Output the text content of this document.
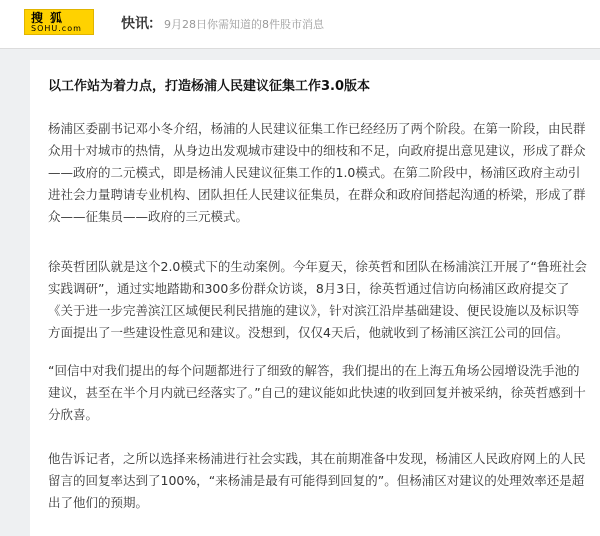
搜狐
SOHU.com	快讯 ： 9月28日你需知道的8件股市消息
以工作站为着力点，打造杨浦人民建议征集工作3.0版本

杨浦区委副书记邓小冬介绍，杨浦的人民建议征集工作已经经历了两个阶段。在第一阶段，由民群众用十对城市的热情，从身边出发观城市建设中的细枝和不足，向政府提出意见建议，形成了群众——政府的二元模式，即是杨浦人民建议征集工作的1.0模式。在第二阶段中，杨浦区政府主动引进社会力量聘请专业机构、团队担任人民建议征集员，在群众和政府间搭起沟通的桥梁，形成了群众——征集员——政府的三元模式。

徐英哲团队就是这个2.0模式下的生动案例。今年夏天，徐英哲和团队在杨浦滨江开展了“鲁班社会实践调研”，通过实地踏勘和300多份群众访谈，8月3日，徐英哲通过信访向杨浦区政府提交了《关于进一步完善滨江区域便民利民措施的建议》，针对滨江沿岸基础建设、便民设施以及标识等方面提出了一些建设性意见和建议。没想到，仅仅4天后，他就收到了杨浦区滨江公司的回信。

“回信中对我们提出的每个问题都进行了细致的解答，我们提出的在上海五角场公园增设洗手池的建议，甚至在半个月内就已经落实了。”自己的建议能如此快速的收到回复并被采纳，徐英哲感到十分欣喜。

他告诉记者，之所以选择来杨浦进行社会实践，其在前期准备中发现，杨浦区人民政府网上的人民留言的回复率达到了100%，“来杨浦是最有可能得到回复的”。但杨浦区对建议的处理效率还是超出了他们的预期。
